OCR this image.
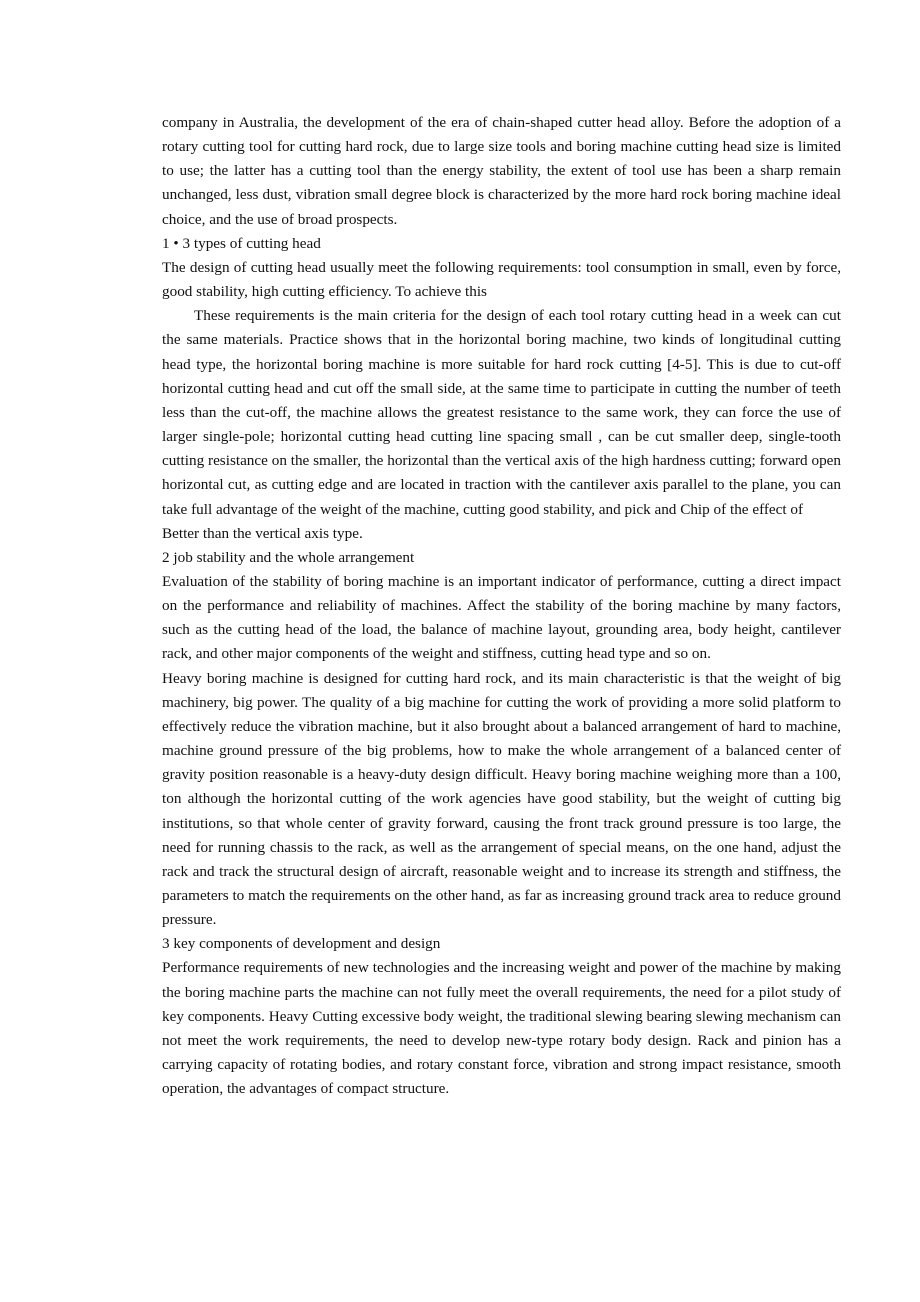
company in Australia, the development of the era of chain-shaped cutter head alloy. Before the adoption of a rotary cutting tool for cutting hard rock, due to large size tools and boring machine cutting head size is limited to use; the latter has a cutting tool than the energy stability, the extent of tool use has been a sharp remain unchanged, less dust, vibration small degree block is characterized by the more hard rock boring machine ideal choice, and the use of broad prospects.

1 • 3 types of cutting head

The design of cutting head usually meet the following requirements: tool consumption in small, even by force, good stability, high cutting efficiency. To achieve this

These requirements is the main criteria for the design of each tool rotary cutting head in a week can cut the same materials. Practice shows that in the horizontal boring machine, two kinds of longitudinal cutting head type, the horizontal boring machine is more suitable for hard rock cutting [4-5]. This is due to cut-off horizontal cutting head and cut off the small side, at the same time to participate in cutting the number of teeth less than the cut-off, the machine allows the greatest resistance to the same work, they can force the use of larger single-pole; horizontal cutting head cutting line spacing small , can be cut smaller deep, single-tooth cutting resistance on the smaller, the horizontal than the vertical axis of the high hardness cutting; forward open horizontal cut, as cutting edge and are located in traction with the cantilever axis parallel to the plane, you can take full advantage of the weight of the machine, cutting good stability, and pick and Chip of the effect of

Better than the vertical axis type.

2 job stability and the whole arrangement

Evaluation of the stability of boring machine is an important indicator of performance, cutting a direct impact on the performance and reliability of machines. Affect the stability of the boring machine by many factors, such as the cutting head of the load, the balance of machine layout, grounding area, body height, cantilever rack, and other major components of the weight and stiffness, cutting head type and so on.

Heavy boring machine is designed for cutting hard rock, and its main characteristic is that the weight of big machinery, big power. The quality of a big machine for cutting the work of providing a more solid platform to effectively reduce the vibration machine, but it also brought about a balanced arrangement of hard to machine, machine ground pressure of the big problems, how to make the whole arrangement of a balanced center of gravity position reasonable is a heavy-duty design difficult. Heavy boring machine weighing more than a 100, ton although the horizontal cutting of the work agencies have good stability, but the weight of cutting big institutions, so that whole center of gravity forward, causing the front track ground pressure is too large, the need for running chassis to the rack, as well as the arrangement of special means, on the one hand, adjust the rack and track the structural design of aircraft, reasonable weight and to increase its strength and stiffness, the parameters to match the requirements on the other hand, as far as increasing ground track area to reduce ground pressure.

3 key components of development and design

Performance requirements of new technologies and the increasing weight and power of the machine by making the boring machine parts the machine can not fully meet the overall requirements, the need for a pilot study of key components. Heavy Cutting excessive body weight, the traditional slewing bearing slewing mechanism can not meet the work requirements, the need to develop new-type rotary body design. Rack and pinion has a carrying capacity of rotating bodies, and rotary constant force, vibration and strong impact resistance, smooth operation, the advantages of compact structure.
